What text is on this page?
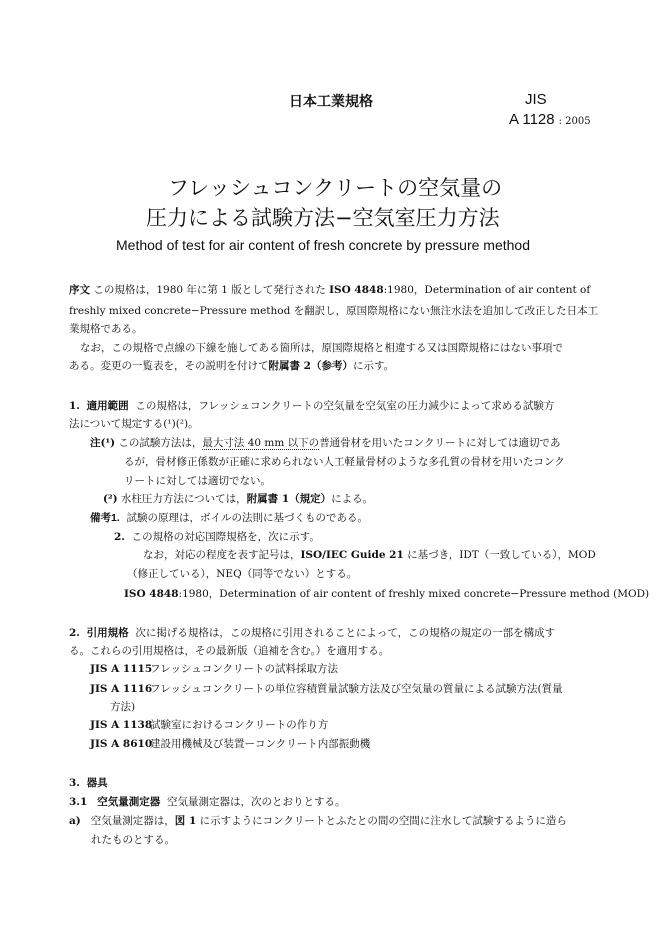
日本工業規格	JIS
A 1128 : 2005
フレッシュコンクリートの空気量の
圧力による試験方法−空気室圧力方法
Method of test for air content of fresh concrete by pressure method
序文 この規格は，1980 年に第 1 版として発行された ISO 4848:1980，Determination of air content of
freshly mixed concrete−Pressure method を翻訳し，原国際規格にない無注水法を追加して改正した日本工
業規格である。
なお，この規格で点線の下線を施してある箇所は，原国際規格と相違する又は国際規格にはない事項で
ある。変更の一覧表を，その説明を付けて附属書 2（参考）に示す。
1. 適用範囲 この規格は，フレッシュコンクリートの空気量を空気室の圧力減少によって求める試験方
法について規定する(¹)(²)。
注(¹) この試験方法は，最大寸法 40 mm 以下の普通骨材を用いたコンクリートに対しては適切であ
るが，骨材修正係数が正確に求められない人工軽量骨材のような多孔質の骨材を用いたコンク
リートに対しては適切でない。
(²) 水柱圧力方法については，附属書 1（規定）による。
備考1. 試験の原理は，ボイルの法則に基づくものである。
2. この規格の対応国際規格を，次に示す。
なお，対応の程度を表す記号は，ISO/IEC Guide 21 に基づき，IDT（一致している），MOD
（修正している），NEQ（同等でない）とする。
ISO 4848:1980，Determination of air content of freshly mixed concrete−Pressure method (MOD)
2. 引用規格 次に掲げる規格は，この規格に引用されることによって，この規格の規定の一部を構成す
る。これらの引用規格は，その最新版（追補を含む。）を適用する。
JIS A 1115フレッシュコンクリートの試料採取方法
JIS A 1116フレッシュコンクリートの単位容積質量試験方法及び空気量の質量による試験方法(質量
方法)
JIS A 1138試験室におけるコンクリートの作り方
JIS A 8610建設用機械及び装置ーコンクリート内部振動機
3. 器具
3.1 空気量測定器 空気量測定器は，次のとおりとする。
a) 空気量測定器は，図 1 に示すようにコンクリートとふたとの間の空間に注水して試験するように造ら
れたものとする。
